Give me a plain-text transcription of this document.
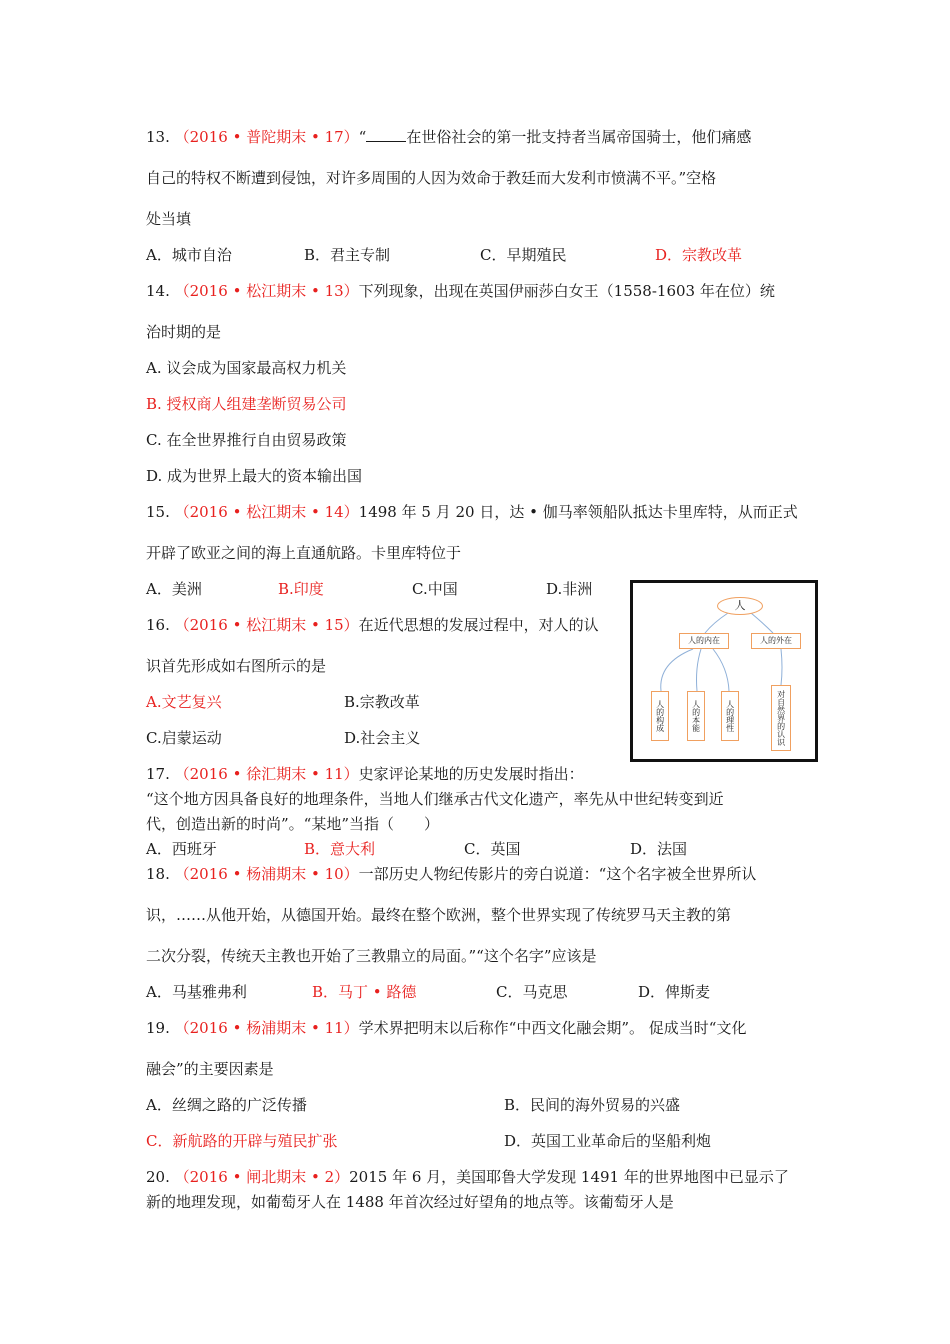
13. （2016 • 普陀期末 • 17）“	在世俗社会的第一批支持者当属帝国骑士，他们痛感
自己的特权不断遭到侵蚀，对许多周围的人因为效命于教廷而大发利市愤满不平。”空格
处当填
A．城市自治	B．君主专制	C．早期殖民	D．宗教改革
14. （2016 • 松江期末 • 13）下列现象，出现在英国伊丽莎白女王（1558-1603 年在位）统
治时期的是
A. 议会成为国家最高权力机关
B. 授权商人组建垄断贸易公司
C. 在全世界推行自由贸易政策
D. 成为世界上最大的资本输出国
15. （2016 • 松江期末 • 14）1498 年 5 月 20 日，达 • 伽马率领船队抵达卡里库特，从而正式
开辟了欧亚之间的海上直通航路。卡里库特位于
A．美洲	B.印度	C.中国	D.非洲
16. （2016 • 松江期末 • 15）在近代思想的发展过程中，对人的认
识首先形成如右图所示的是
A.文艺复兴	B.宗教改革
C.启蒙运动	D.社会主义
人
人的内在	人的外在
人的构成	人的本能	人的理性	对自然界的认识
17. （2016 • 徐汇期末 • 11）史家评论某地的历史发展时指出：
“这个地方因具备良好的地理条件，当地人们继承古代文化遗产，率先从中世纪转变到近
代，创造出新的时尚”。“某地”当指（　　）
A．西班牙	B．意大利	C．英国	D．法国
18. （2016 • 杨浦期末 • 10）一部历史人物纪传影片的旁白说道：“这个名字被全世界所认
识，……从他开始，从德国开始。最终在整个欧洲，整个世界实现了传统罗马天主教的第
二次分裂，传统天主教也开始了三教鼎立的局面。”“这个名字”应该是
A．马基雅弗利	B．马丁 • 路德	C．马克思	D．俾斯麦
19. （2016 • 杨浦期末 • 11）学术界把明末以后称作“中西文化融会期”。 促成当时“文化
融会”的主要因素是
A．丝绸之路的广泛传播	B．民间的海外贸易的兴盛
C．新航路的开辟与殖民扩张	D．英国工业革命后的坚船利炮
20. （2016 • 闸北期末 • 2）2015 年 6 月，美国耶鲁大学发现 1491 年的世界地图中已显示了
新的地理发现，如葡萄牙人在 1488 年首次经过好望角的地点等。该葡萄牙人是
